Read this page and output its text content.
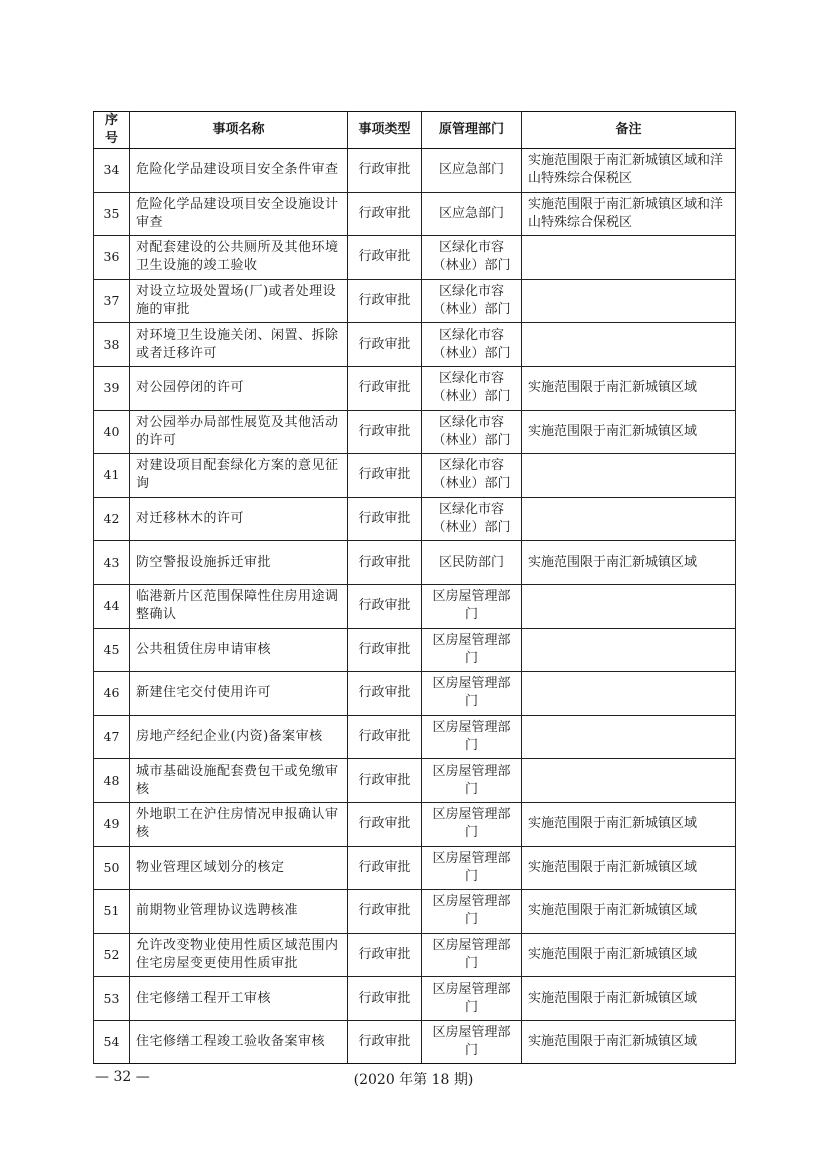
序号	事项名称	事项类型	原管理部门	备注
34	危险化学品建设项目安全条件审查	行政审批	区应急部门	实施范围限于南汇新城镇区域和洋山特殊综合保税区
35	危险化学品建设项目安全设施设计审查	行政审批	区应急部门	实施范围限于南汇新城镇区域和洋山特殊综合保税区
36	对配套建设的公共厕所及其他环境卫生设施的竣工验收	行政审批	区绿化市容（林业）部门	
37	对设立垃圾处置场(厂)或者处理设施的审批	行政审批	区绿化市容（林业）部门	
38	对环境卫生设施关闭、闲置、拆除或者迁移许可	行政审批	区绿化市容（林业）部门	
39	对公园停闭的许可	行政审批	区绿化市容（林业）部门	实施范围限于南汇新城镇区域
40	对公园举办局部性展览及其他活动的许可	行政审批	区绿化市容（林业）部门	实施范围限于南汇新城镇区域
41	对建设项目配套绿化方案的意见征询	行政审批	区绿化市容（林业）部门	
42	对迁移林木的许可	行政审批	区绿化市容（林业）部门	
43	防空警报设施拆迁审批	行政审批	区民防部门	实施范围限于南汇新城镇区域
44	临港新片区范围保障性住房用途调整确认	行政审批	区房屋管理部门	
45	公共租赁住房申请审核	行政审批	区房屋管理部门	
46	新建住宅交付使用许可	行政审批	区房屋管理部门	
47	房地产经纪企业(内资)备案审核	行政审批	区房屋管理部门	
48	城市基础设施配套费包干或免缴审核	行政审批	区房屋管理部门	
49	外地职工在沪住房情况申报确认审核	行政审批	区房屋管理部门	实施范围限于南汇新城镇区域
50	物业管理区域划分的核定	行政审批	区房屋管理部门	实施范围限于南汇新城镇区域
51	前期物业管理协议选聘核准	行政审批	区房屋管理部门	实施范围限于南汇新城镇区域
52	允许改变物业使用性质区域范围内住宅房屋变更使用性质审批	行政审批	区房屋管理部门	实施范围限于南汇新城镇区域
53	住宅修缮工程开工审核	行政审批	区房屋管理部门	实施范围限于南汇新城镇区域
54	住宅修缮工程竣工验收备案审核	行政审批	区房屋管理部门	实施范围限于南汇新城镇区域
— 32 —	(2020 年第 18 期)
